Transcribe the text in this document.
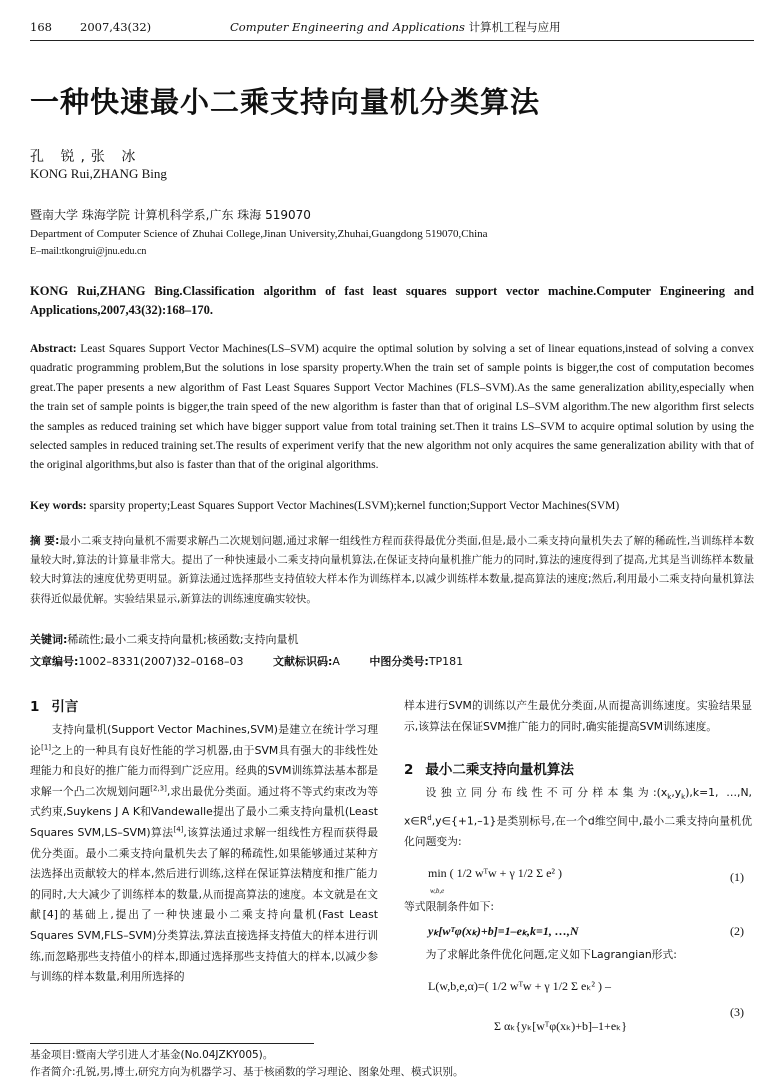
168 2007,43(32)	Computer Engineering and Applications 计算机工程与应用
一种快速最小二乘支持向量机分类算法
孔 锐,张 冰
KONG Rui,ZHANG Bing
暨南大学 珠海学院 计算机科学系,广东 珠海 519070
Department of Computer Science of Zhuhai College,Jinan University,Zhuhai,Guangdong 519070,China
E–mail:tkongrui@jnu.edu.cn
KONG Rui,ZHANG Bing.Classification algorithm of fast least squares support vector machine.Computer Engineering and Applications,2007,43(32):168–170.
Abstract: Least Squares Support Vector Machines(LS–SVM) acquire the optimal solution by solving a set of linear equations,instead of solving a convex quadratic programming problem,But the solutions in lose sparsity property.When the train set of sample points is bigger,the cost of computation becomes great.The paper presents a new algorithm of Fast Least Squares Support Vector Machines (FLS–SVM).As the same generalization ability,especially when the train set of sample points is bigger,the train speed of the new algorithm is faster than that of original LS–SVM algorithm.The new algorithm first selects the samples as reduced training set which have bigger support value from total training set.Then it trains LS–SVM to acquire optimal solution by using the selected samples in reduced training set.The results of experiment verify that the new algorithm not only acquires the same generalization ability with that of the original algorithms,but also is faster than that of the original algorithms.
Key words: sparsity property;Least Squares Support Vector Machines(LSVM);kernel function;Support Vector Machines(SVM)
摘 要:最小二乘支持向量机不需要求解凸二次规划问题,通过求解一组线性方程而获得最优分类面,但是,最小二乘支持向量机失去了解的稀疏性,当训练样本数量较大时,算法的计算量非常大。提出了一种快速最小二乘支持向量机算法,在保证支持向量机推广能力的同时,算法的速度得到了提高,尤其是当训练样本数量较大时算法的速度优势更明显。新算法通过选择那些支持值较大样本作为训练样本,以减少训练样本数量,提高算法的速度;然后,利用最小二乘支持向量机算法获得近似最优解。实验结果显示,新算法的训练速度确实较快。
关键词:稀疏性;最小二乘支持向量机;核函数;支持向量机
文章编号:1002–8331(2007)32–0168–03	文献标识码:A	中图分类号:TP181
1 引言

支持向量机(Support Vector Machines,SVM)是建立在统计学习理论[1]之上的一种具有良好性能的学习机器,由于SVM具有强大的非线性处理能力和良好的推广能力而得到广泛应用。经典的SVM训练算法基本都是求解一个凸二次规划问题[2,3],求出最优分类面。通过将不等式约束改为等式约束,Suykens J A K和Vandewalle提出了最小二乘支持向量机(Least Squares SVM,LS–SVM)算法[4],该算法通过求解一组线性方程而获得最优分类面。最小二乘支持向量机失去了解的稀疏性,如果能够通过某种方法选择出贡献较大的样本,然后进行训练,这样在保证算法精度和推广能力的同时,大大减少了训练样本的数量,从而提高算法的速度。本文就是在文献[4]的基础上,提出了一种快速最小二乘支持向量机(Fast Least Squares SVM,FLS–SVM)分类算法,算法直接选择支持值大的样本进行训练,而忽略那些支持值小的样本,即通过选择那些支持值大的样本,以减少参与训练的样本数量,利用所选择的

样本进行SVM的训练以产生最优分类面,从而提高训练速度。实验结果显示,该算法在保证SVM推广能力的同时,确实能提高SVM训练速度。

2 最小二乘支持向量机算法

设独立同分布线性不可分样本集为$:(x_k,y_k),k=1$, …,N, $x\in R^d,y\in\{+1,-1\}$是类别标号,在一个d维空间中,最小二乘支持向量机优化问题变为:

min ( 1/2 wᵀw + γ 1/2 Σ e² )
w,b,e
(1)

等式限制条件如下:

yₖ[wᵀφ(xₖ)+b]=1–eₖ,k=1, …,N	(2)

为了求解此条件优化问题,定义如下Lagrangian形式:

L(w,b,e,α)=( 1/2 wᵀw + γ 1/2 Σ eₖ² ) –
Σ αₖ{yₖ[wᵀφ(xₖ)+b]–1+eₖ}
(3)
基金项目:暨南大学引进人才基金(No.04JZKY005)。
作者简介:孔锐,男,博士,研究方向为机器学习、基于核函数的学习理论、图象处理、模式识别。
